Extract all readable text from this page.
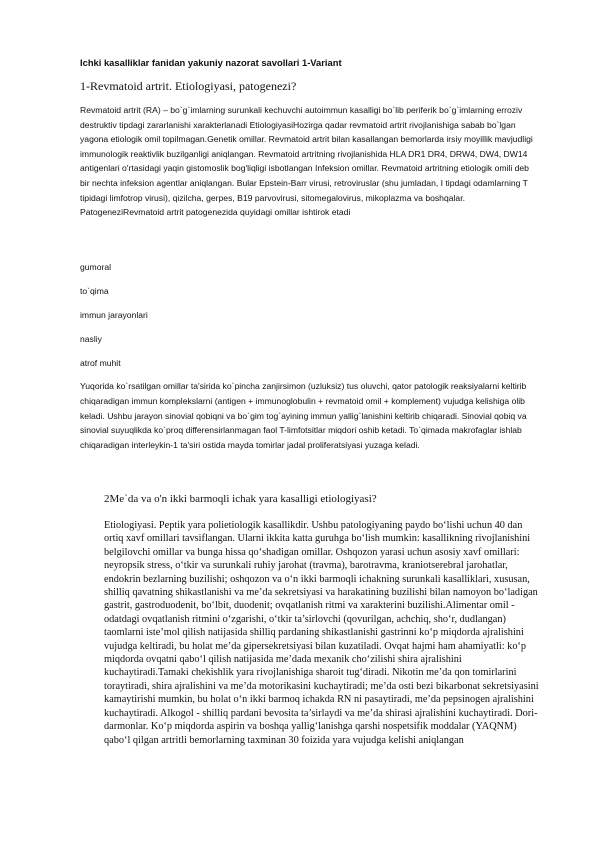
Ichki kasalliklar fanidan yakuniy nazorat savollari 1-Variant
1-Revmatoid artrit. Etiologiyasi, patogenezi?

Revmatoid artrit (RA) – bo`g`imlarning surunkali kechuvchi autoimmun kasalligi bo`lib periferik bo`g`imlarning erroziv destruktiv tipdagi zararlanishi xarakterlanadi EtiologiyasiHozirga qadar revmatoid artrit rivojlanishiga sabab bo`lgan yagona etiologik omil topilmagan.Genetik omillar. Revmatoid artrit bilan kasallangan bemorlarda irsiy moyillik mavjudligi immunologik reaktivlik buzilganligi aniqlangan. Revmatoid artritning rivojlanishida HLA DR1 DR4, DRW4, DW4, DW14 antigenlari o'rtasidagi yaqin gistomoslik bog'liqligi isbotlangan Infeksion omillar. Revmatoid artritning etiologik omili deb bir nechta infeksion agentlar aniqlangan. Bular Epstein-Barr virusi, retroviruslar (shu jumladan, I tipdagi odamlarning T tipidagi limfotrop virusi), qizilcha, gerpes, B19 parvovirusi, sitomegalovirus, mikoplazma va boshqalar. PatogeneziRevmatoid artrit patogenezida quyidagi omillar ishtirok etadi

gumoral
to`qima
immun jarayonlari
nasliy
atrof muhit

Yuqorida ko`rsatilgan omillar ta'sirida ko`pincha zanjirsimon (uzluksiz) tus oluvchi, qator patologik reaksiyalarni keltirib chiqaradigan immun komplekslarni (antigen + immunoglobulin + revmatoid omil + komplement) vujudga kelishiga olib keladi. Ushbu jarayon sinovial qobiqni va bo`gim tog`ayining immun yallig`lanishini keltirib chiqaradi. Sinovial qobiq va sinovial suyuqlikda ko`proq differensirlanmagan faol T-limfotsitlar miqdori oshib ketadi. To`qimada makrofaglar ishlab chiqaradigan interleykin-1 ta'siri ostida mayda tomirlar jadal proliferatsiyasi yuzaga keladi.

2Me`da va o'n ikki barmoqli ichak yara kasalligi etiologiyasi?

Etiologiyasi. Peptik yara polietiologik kasallikdir. Ushbu patologiyaning paydo bo‘lishi uchun 40 dan ortiq xavf omillari tavsiflangan. Ularni ikkita katta guruhga bo‘lish mumkin: kasallikning rivojlanishini belgilovchi omillar va bunga hissa qo‘shadigan omillar. Oshqozon yarasi uchun asosiy xavf omillari: neyropsik stress, o‘tkir va surunkali ruhiy jarohat (travma), barotravma, kraniotserebral jarohatlar, endokrin bezlarning buzilishi; oshqozon va o‘n ikki barmoqli ichakning surunkali kasalliklari, xususan, shilliq qavatning shikastlanishi va me’da sekretsiyasi va harakatining buzilishi bilan namoyon bo‘ladigan gastrit, gastroduodenit, bo‘lbit, duodenit; ovqatlanish ritmi va xarakterini buzilishi.Alimentar omil - odatdagi ovqatlanish ritmini o‘zgarishi, o‘tkir ta’sirlovchi (qovurilgan, achchiq, sho‘r, dudlangan) taomlarni iste’mol qilish natijasida shilliq pardaning shikastlanishi gastrinni ko‘p miqdorda ajralishini vujudga keltiradi, bu holat me’da gipersekretsiyasi bilan kuzatiladi. Ovqat hajmi ham ahamiyatli: ko‘p miqdorda ovqatni qabo‘l qilish natijasida me’dada mexanik cho‘zilishi shira ajralishini kuchaytiradi.Tamaki chekishlik yara rivojlanishiga sharoit tug‘diradi. Nikotin me’da qon tomirlarini toraytiradi, shira ajralishini va me’da motorikasini kuchaytiradi; me’da osti bezi bikarbonat sekretsiyasini kamaytirishi mumkin, bu holat o‘n ikki barmoq ichakda RN ni pasaytiradi, me’da pepsinogen ajralishini kuchaytiradi. Alkogol - shilliq pardani bevosita ta’sirlaydi va me’da shirasi ajralishini kuchaytiradi. Dori-darmonlar. Ko‘p miqdorda aspirin va boshqa yallig‘lanishga qarshi nospetsifik moddalar (YAQNM) qabo‘l qilgan artritli bemorlarning taxminan 30 foizida yara vujudga kelishi aniqlangan
